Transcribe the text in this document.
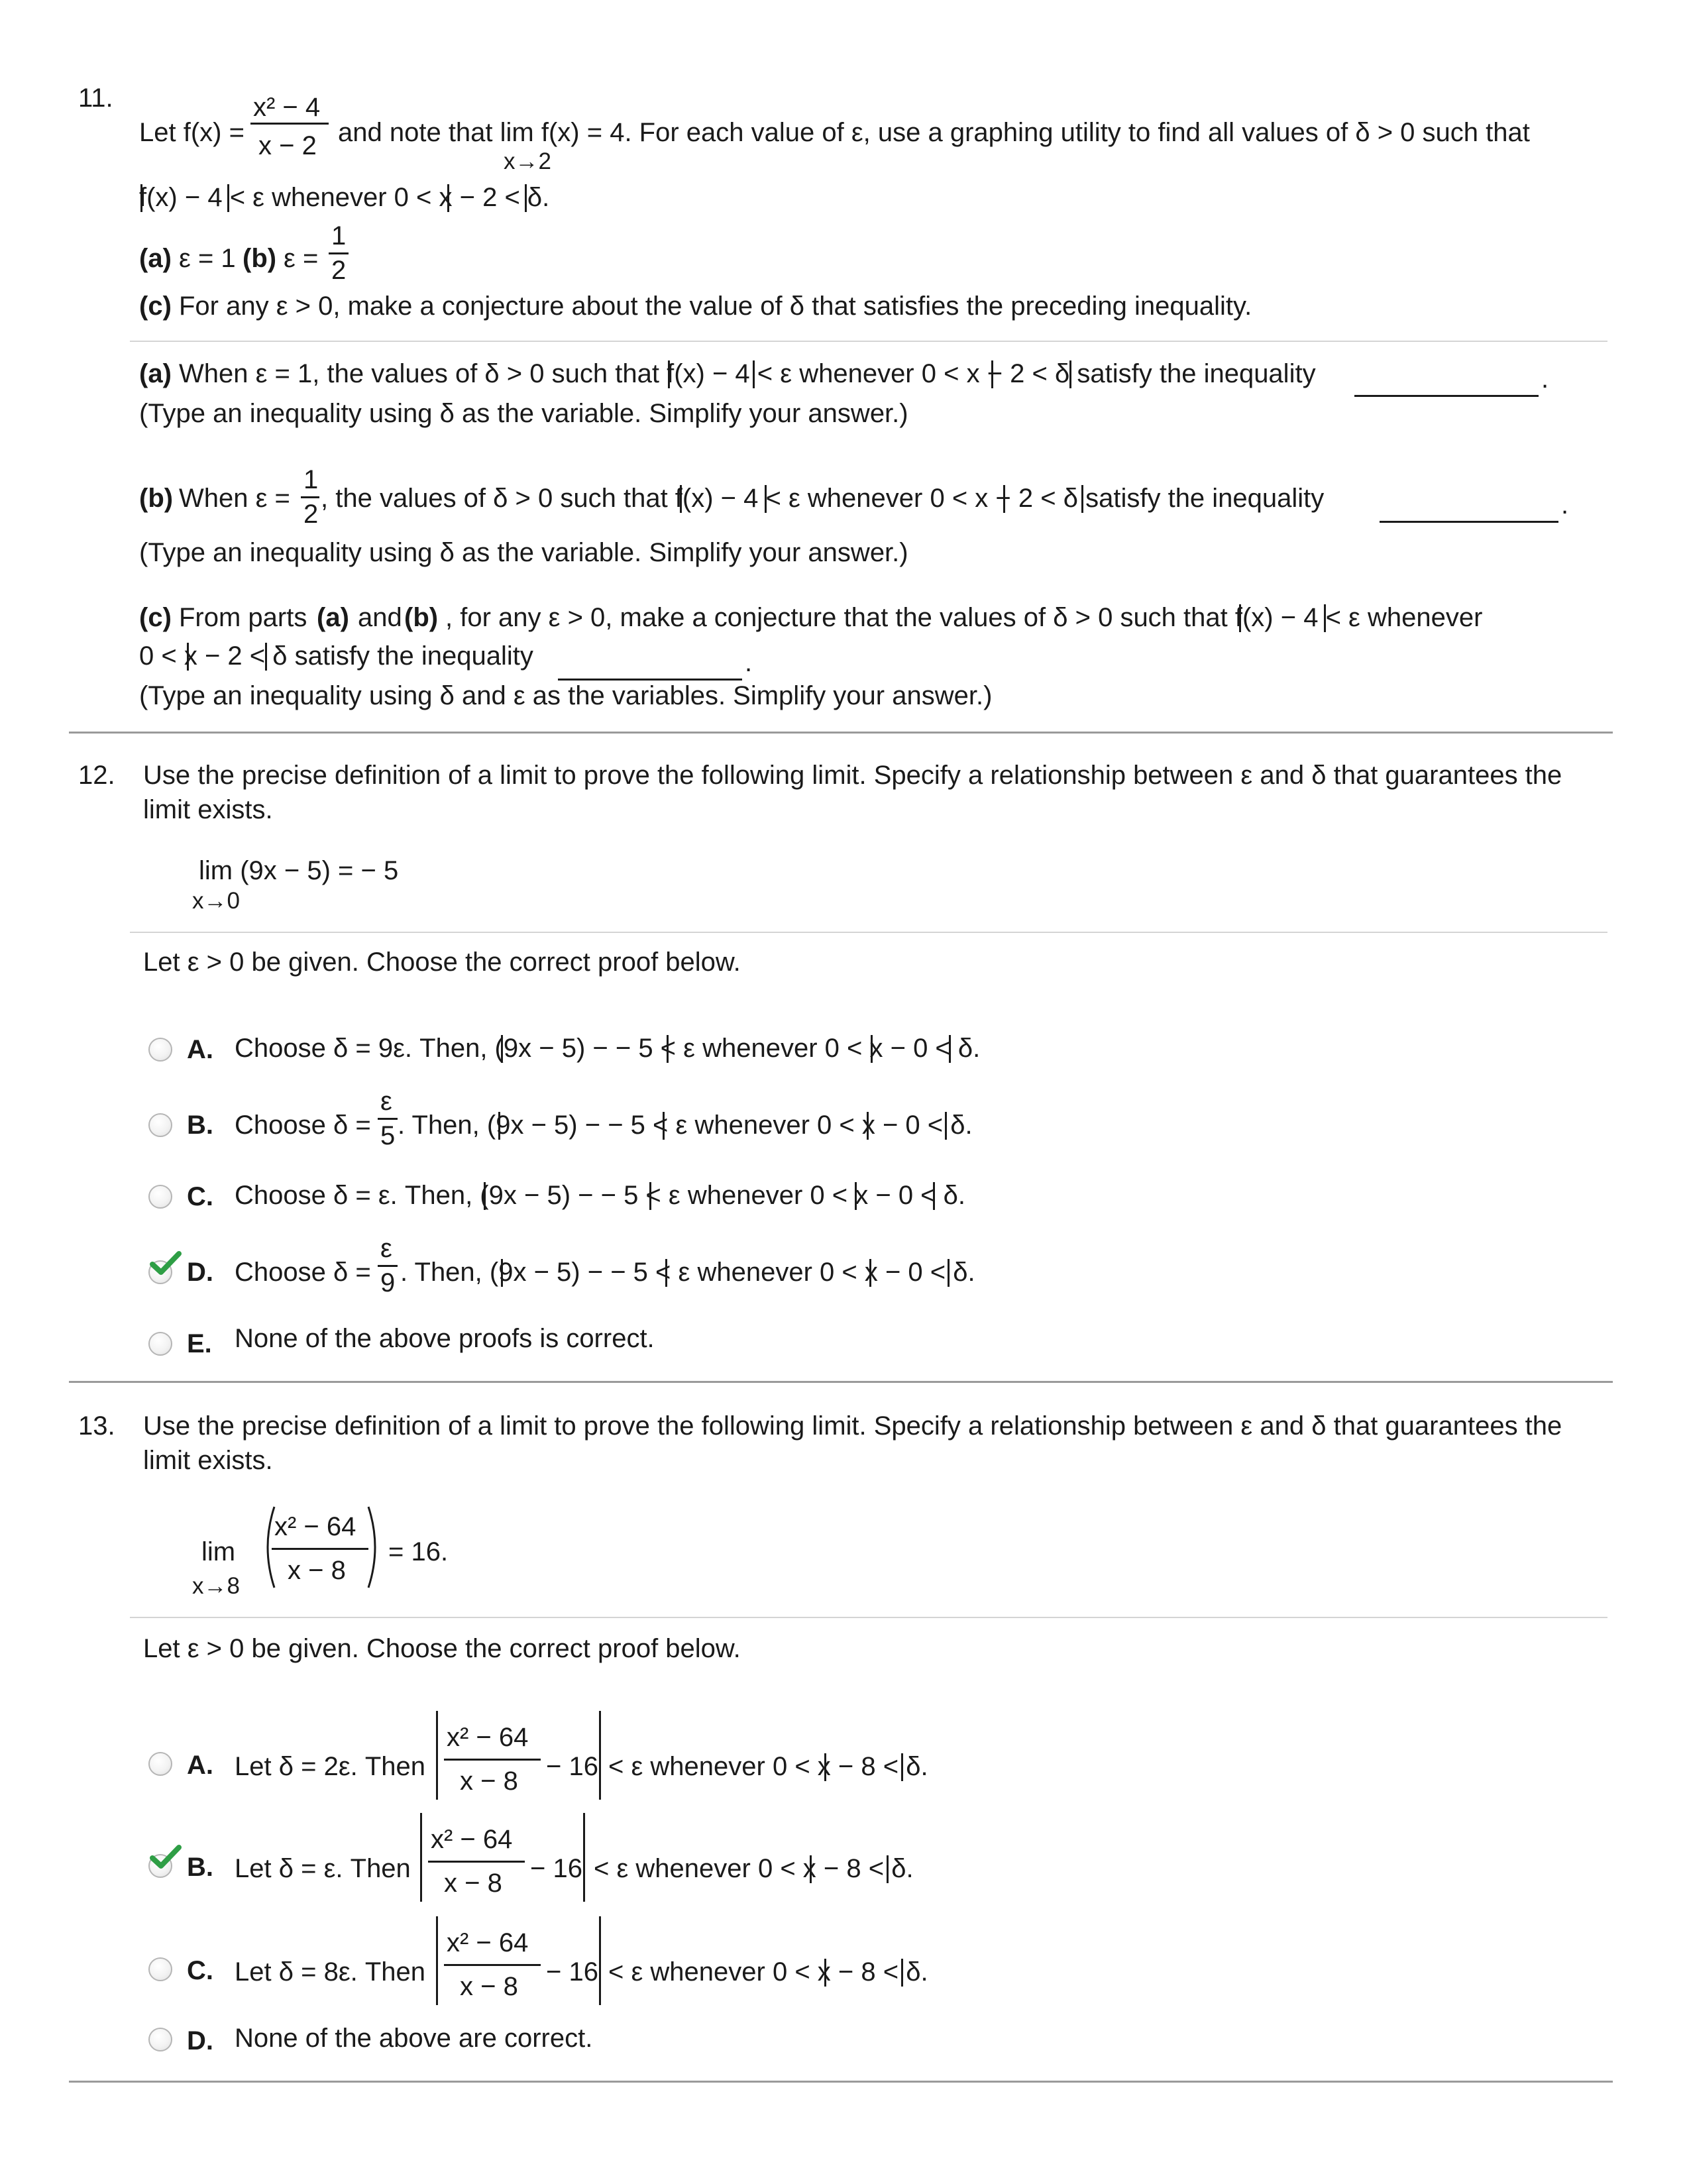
11.
Let f(x) =
x² − 4
x − 2 and note that lim f(x) = 4. For each value of ε, use a graphing utility to find all values of δ > 0 such that
x→2
f(x) − 4 < ε whenever 0 < x − 2 < δ.
(a) ε = 1 (b) ε =
1
2
(c) For any ε > 0, make a conjecture about the value of δ that satisfies the preceding inequality.
(a) When ε = 1, the values of δ > 0 such that f(x) − 4 < ε whenever 0 < x − 2 < δ satisfy the inequality	.
(Type an inequality using δ as the variable. Simplify your answer.)
(b) When ε =
1
2
, the values of δ > 0 such that f(x) − 4 < ε whenever 0 < x − 2 < δ satisfy the inequality	.
(Type an inequality using δ as the variable. Simplify your answer.)
(c) From parts (a) and (b) , for any ε > 0, make a conjecture that the values of δ > 0 such that f(x) − 4 < ε whenever
0 < x − 2 < δ satisfy the inequality	.
(Type an inequality using δ and ε as the variables. Simplify your answer.)
12. Use the precise definition of a limit to prove the following limit. Specify a relationship between ε and δ that guarantees the
limit exists.
lim (9x − 5) = − 5
x→0
Let ε > 0 be given. Choose the correct proof below.
A. Choose δ = 9ε. Then, (9x − 5) − − 5 < ε whenever 0 < x − 0 < δ.
B. Choose δ =
ε
5 . Then, (9x − 5) − − 5 < ε whenever 0 < x − 0 < δ.
C. Choose δ = ε. Then, (9x − 5) − − 5 < ε whenever 0 < x − 0 < δ.
D. Choose δ =
ε
9 . Then, (9x − 5) − − 5 < ε whenever 0 < x − 0 < δ.
E. None of the above proofs is correct.
13. Use the precise definition of a limit to prove the following limit. Specify a relationship between ε and δ that guarantees the
limit exists.
lim
x→8
x² − 64
x − 8
= 16.
Let ε > 0 be given. Choose the correct proof below.
A. Let δ = 2ε. Then
x² − 64
x − 8 − 16 < ε whenever 0 < x − 8 < δ.
B. Let δ = ε. Then
x² − 64
x − 8 − 16 < ε whenever 0 < x − 8 < δ.
C. Let δ = 8ε. Then
x² − 64
x − 8 − 16 < ε whenever 0 < x − 8 < δ.
D. None of the above are correct.
